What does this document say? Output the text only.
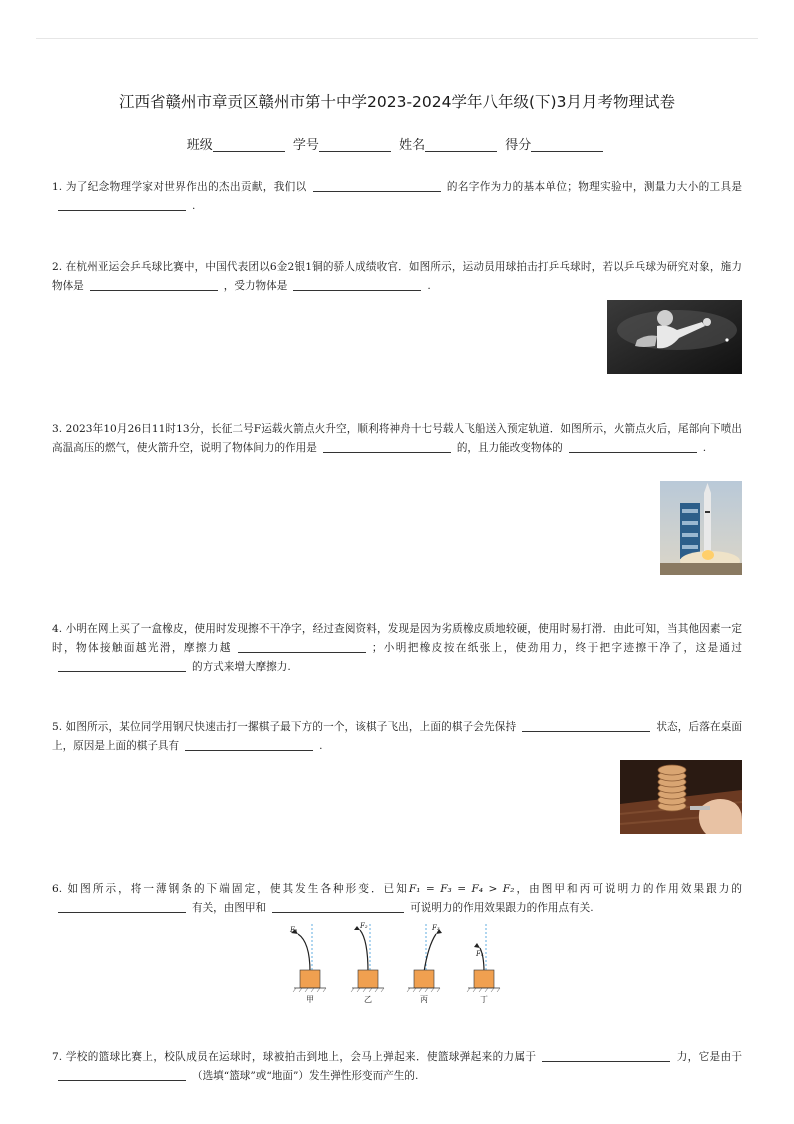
江西省赣州市章贡区赣州市第十中学2023-2024学年八年级(下)3月月考物理试卷
班级	学号	姓名	得分
1. 为了纪念物理学家对世界作出的杰出贡献，我们以	的名字作为力的基本单位；物理实验中，测量力大小的工具是.
2. 在杭州亚运会乒乓球比赛中，中国代表团以6金2银1铜的骄人成绩收官．如图所示，运动员用球拍击打乒乓球时，若以乒乓球为研究对象，施力物体是	，受力物体是	.
3. 2023年10月26日11时13分，长征二号F运载火箭点火升空，顺利将神舟十七号载人飞船送入预定轨道．如图所示，火箭点火后，尾部向下喷出高温高压的燃气，使火箭升空，说明了物体间力的作用是	的，且力能改变物体的	.
4. 小明在网上买了一盒橡皮，使用时发现擦不干净字，经过查阅资料，发现是因为劣质橡皮质地较硬，使用时易打滑．由此可知，当其他因素一定时，物体接触面越光滑，摩擦力越	；小明把橡皮按在纸张上，使劲用力，终于把字迹擦干净了，这是通过的方式来增大摩擦力.
5. 如图所示，某位同学用钢尺快速击打一摞棋子最下方的一个，该棋子飞出，上面的棋子会先保持	状态，后落在桌面上，原因是上面的棋子具有	.
6. 如图所示，将一薄钢条的下端固定，使其发生各种形变．已知F₁ = F₃ = F₄ > F₂，由图甲和丙可说明力的作用效果跟力的有关，由图甲和	可说明力的作用效果跟力的作用点有关.
F₁
甲
F₂
乙
F₃
丙
F₄
丁
7. 学校的篮球比赛上，校队成员在运球时，球被拍击到地上，会马上弹起来．使篮球弹起来的力属于	力，它是由于（选填“篮球”或“地面”）发生弹性形变而产生的.
